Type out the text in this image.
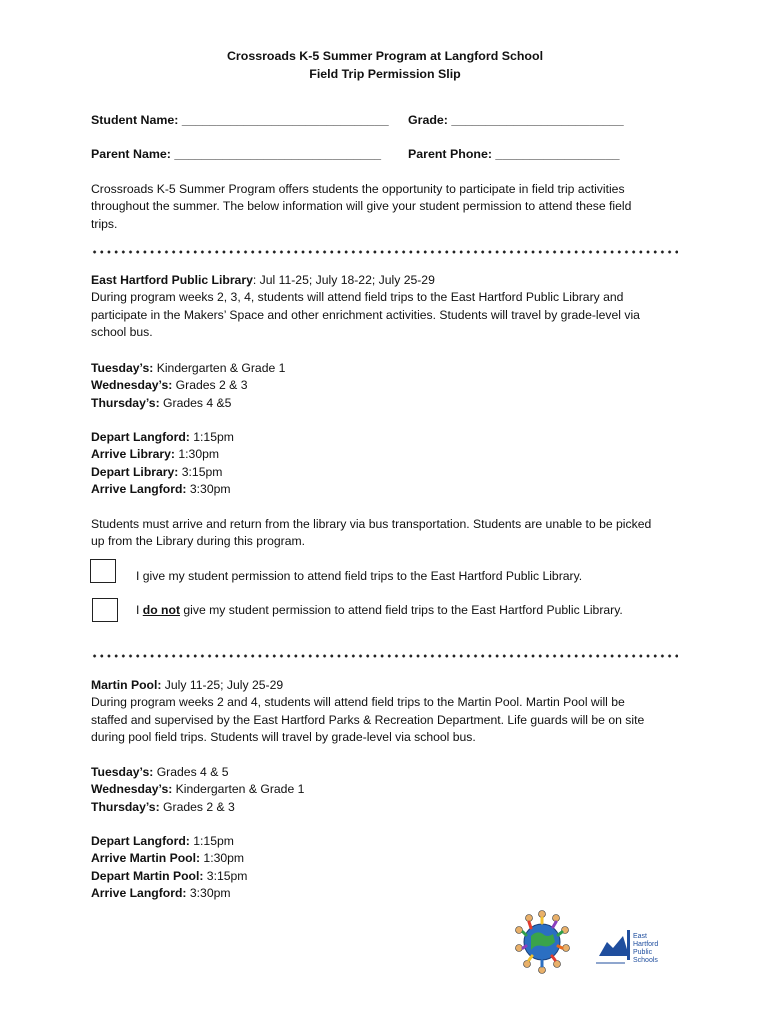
Crossroads K-5 Summer Program at Langford School
Field Trip Permission Slip
Student Name: ______________________________ Grade: _________________________
Parent Name: ______________________________ Parent Phone: __________________
Crossroads K-5 Summer Program offers students the opportunity to participate in field trip activities
throughout the summer. The below information will give your student permission to attend these field
trips.
East Hartford Public Library: Jul 11-25; July 18-22; July 25-29
During program weeks 2, 3, 4, students will attend field trips to the East Hartford Public Library and
participate in the Makers’ Space and other enrichment activities. Students will travel by grade-level via
school bus.
Tuesday’s: Kindergarten & Grade 1
Wednesday’s: Grades 2 & 3
Thursday’s: Grades 4 &5
Depart Langford: 1:15pm
Arrive Library: 1:30pm
Depart Library: 3:15pm
Arrive Langford: 3:30pm
Students must arrive and return from the library via bus transportation. Students are unable to be picked
up from the Library during this program.
I give my student permission to attend field trips to the East Hartford Public Library.
I do not give my student permission to attend field trips to the East Hartford Public Library.
Martin Pool: July 11-25; July 25-29
During program weeks 2 and 4, students will attend field trips to the Martin Pool. Martin Pool will be
staffed and supervised by the East Hartford Parks & Recreation Department. Life guards will be on site
during pool field trips. Students will travel by grade-level via school bus.
Tuesday’s: Grades 4 & 5
Wednesday’s: Kindergarten & Grade 1
Thursday’s: Grades 2 & 3
Depart Langford: 1:15pm
Arrive Martin Pool: 1:30pm
Depart Martin Pool: 3:15pm
Arrive Langford: 3:30pm
East
Hartford
Public
Schools
